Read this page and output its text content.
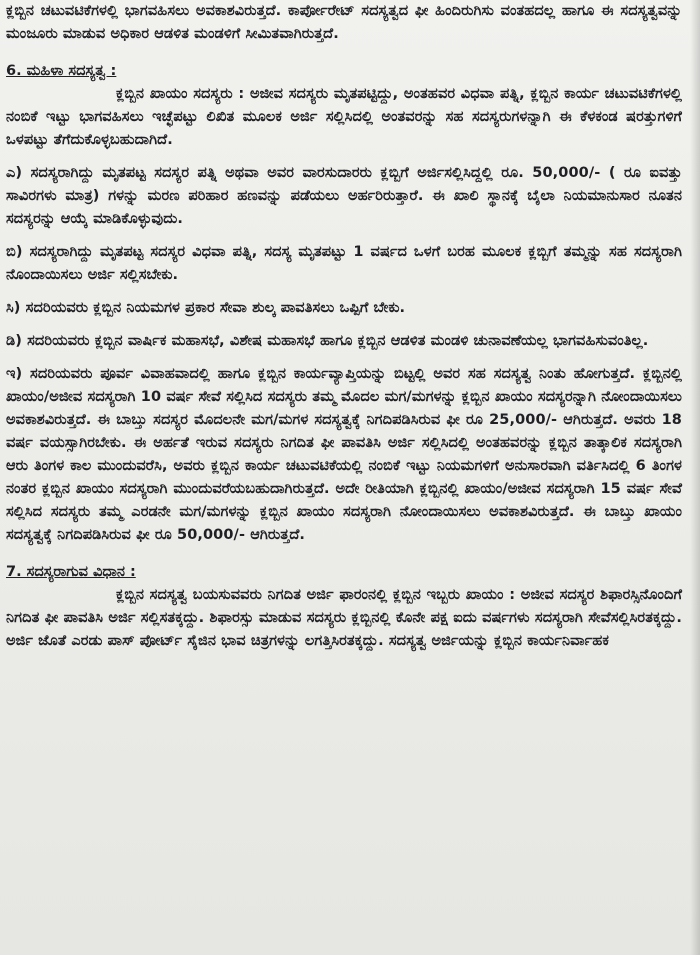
ಕ್ಲಬ್ಬಿನ ಚಟುವಟಿಕೆಗಳಲ್ಲಿ ಭಾಗವಹಿಸಲು ಅವಕಾಶವಿರುತ್ತದೆ. ಕಾರ್ಪೋರೇಟ್ ಸದಸ್ಯತ್ವದ ಫೀ ಹಿಂದಿರುಗಿಸು ವಂತಹದಲ್ಲ ಹಾಗೂ ಈ ಸದಸ್ಯತ್ವವನ್ನು ಮಂಜೂರು ಮಾಡುವ ಅಧಿಕಾರ ಆಡಳಿತ ಮಂಡಳಿಗೆ ಸೀಮಿತವಾಗಿರುತ್ತದೆ.

6. ಮಹಿಳಾ ಸದಸ್ಯತ್ವ :

ಕ್ಲಬ್ಬಿನ ಖಾಯಂ ಸದಸ್ಯರು : ಅಜೀವ ಸದಸ್ಯರು ಮೃತಪಟ್ಟಿದ್ದು, ಅಂತಹವರ ವಿಧವಾ ಪತ್ನಿ, ಕ್ಲಬ್ಬಿನ ಕಾರ್ಯ ಚಟುವಟಿಕೆಗಳಲ್ಲಿ ನಂಬಿಕೆ ಇಟ್ಟು ಭಾಗವಹಿಸಲು ಇಚ್ಛೆಪಟ್ಟು ಲಿಖಿತ ಮೂಲಕ ಅರ್ಜಿ ಸಲ್ಲಿಸಿದಲ್ಲಿ ಅಂತವರನ್ನು ಸಹ ಸದಸ್ಯರುಗಳನ್ನಾಗಿ ಈ ಕೆಳಕಂಡ ಷರತ್ತುಗಳಿಗೆ ಒಳಪಟ್ಟು ತೆಗೆದುಕೊಳ್ಳಬಹುದಾಗಿದೆ.

ಎ) ಸದಸ್ಯರಾಗಿದ್ದು ಮೃತಪಟ್ಟ ಸದಸ್ಯರ ಪತ್ನಿ ಅಥವಾ ಅವರ ವಾರಸುದಾರರು ಕ್ಲಬ್ಬಿಗೆ ಅರ್ಜಿಸಲ್ಲಿಸಿದ್ದಲ್ಲಿ ರೂ. 50,000/- ( ರೂ ಐವತ್ತು ಸಾವಿರಗಳು ಮಾತ್ರ) ಗಳನ್ನು ಮರಣ ಪರಿಹಾರ ಹಣವನ್ನು ಪಡೆಯಲು ಅರ್ಹರಿರುತ್ತಾರೆ. ಈ ಖಾಲಿ ಸ್ಥಾನಕ್ಕೆ ಬೈಲಾ ನಿಯಮಾನುಸಾರ ನೂತನ ಸದಸ್ಯರನ್ನು ಆಯ್ಕೆ ಮಾಡಿಕೊಳ್ಳುವುದು.

ಬಿ) ಸದಸ್ಯರಾಗಿದ್ದು ಮೃತಪಟ್ಟ ಸದಸ್ಯರ ವಿಧವಾ ಪತ್ನಿ, ಸದಸ್ಯ ಮೃತಪಟ್ಟು 1 ವರ್ಷದ ಒಳಗೆ ಬರಹ ಮೂಲಕ ಕ್ಲಬ್ಬಿಗೆ ತಮ್ಮನ್ನು ಸಹ ಸದಸ್ಯರಾಗಿ ನೊಂದಾಯಿಸಲು ಅರ್ಜಿ ಸಲ್ಲಿಸಬೇಕು.

ಸಿ) ಸದರಿಯವರು ಕ್ಲಬ್ಬಿನ ನಿಯಮಗಳ ಪ್ರಕಾರ ಸೇವಾ ಶುಲ್ಕ ಪಾವತಿಸಲು ಒಪ್ಪಿಗೆ ಬೇಕು.

ಡಿ) ಸದರಿಯವರು ಕ್ಲಬ್ಬಿನ ವಾರ್ಷಿಕ ಮಹಾಸಭೆ, ವಿಶೇಷ ಮಹಾಸಭೆ ಹಾಗೂ ಕ್ಲಬ್ಬಿನ ಆಡಳಿತ ಮಂಡಳಿ ಚುನಾವಣೆಯಲ್ಲ ಭಾಗವಹಿಸುವಂತಿಲ್ಲ.

ಇ) ಸದರಿಯವರು ಪೂರ್ವ ವಿವಾಹವಾದಲ್ಲಿ ಹಾಗೂ ಕ್ಲಬ್ಬಿನ ಕಾರ್ಯವ್ಯಾಪ್ತಿಯನ್ನು ಬಿಟ್ಟಲ್ಲಿ ಅವರ ಸಹ ಸದಸ್ಯತ್ವ ನಿಂತು ಹೋಗುತ್ತದೆ. ಕ್ಲಬ್ಬಿನಲ್ಲಿ ಖಾಯಂ/ಅಜೀವ ಸದಸ್ಯರಾಗಿ 10 ವರ್ಷ ಸೇವೆ ಸಲ್ಲಿಸಿದ ಸದಸ್ಯರು ತಮ್ಮ ಮೊದಲ ಮಗ/ಮಗಳನ್ನು ಕ್ಲಬ್ಬಿನ ಖಾಯಂ ಸದಸ್ಯರನ್ನಾಗಿ ನೋಂದಾಯಿಸಲು ಅವಕಾಶವಿರುತ್ತದೆ. ಈ ಬಾಬ್ತು ಸದಸ್ಯರ ಮೊದಲನೇ ಮಗ/ಮಗಳ ಸದಸ್ಯತ್ವಕ್ಕೆ ನಿಗದಿಪಡಿಸಿರುವ ಫೀ ರೂ 25,000/- ಆಗಿರುತ್ತದೆ. ಅವರು 18 ವರ್ಷ ವಯಸ್ಸಾಗಿರಬೇಕು. ಈ ಅರ್ಹತೆ ಇರುವ ಸದಸ್ಯರು ನಿಗದಿತ ಫೀ ಪಾವತಿಸಿ ಅರ್ಜಿ ಸಲ್ಲಿಸಿದಲ್ಲಿ ಅಂತಹವರನ್ನು ಕ್ಲಬ್ಬಿನ ತಾತ್ಕಾಲಿಕ ಸದಸ್ಯರಾಗಿ ಆರು ತಿಂಗಳ ಕಾಲ ಮುಂದುವರೆಸಿ, ಅವರು ಕ್ಲಬ್ಬಿನ ಕಾರ್ಯ ಚಟುವಟಿಕೆಯಲ್ಲಿ ನಂಬಿಕೆ ಇಟ್ಟು ನಿಯಮಗಳಿಗೆ ಅನುಸಾರವಾಗಿ ವರ್ತಿಸಿದಲ್ಲಿ 6 ತಿಂಗಳ ನಂತರ ಕ್ಲಬ್ಬಿನ ಖಾಯಂ ಸದಸ್ಯರಾಗಿ ಮುಂದುವರೆಯಬಹುದಾಗಿರುತ್ತದೆ. ಅದೇ ರೀತಿಯಾಗಿ ಕ್ಲಬ್ಬಿನಲ್ಲಿ ಖಾಯಂ/ಅಜೀವ ಸದಸ್ಯರಾಗಿ 15 ವರ್ಷ ಸೇವೆ ಸಲ್ಲಿಸಿದ ಸದಸ್ಯರು ತಮ್ಮ ಎರಡನೇ ಮಗ/ಮಗಳನ್ನು ಕ್ಲಬ್ಬಿನ ಖಾಯಂ ಸದಸ್ಯರಾಗಿ ನೋಂದಾಯಿಸಲು ಅವಕಾಶವಿರುತ್ತದೆ. ಈ ಬಾಬ್ತು ಖಾಯಂ ಸದಸ್ಯತ್ವಕ್ಕೆ ನಿಗದಿಪಡಿಸಿರುವ ಫೀ ರೂ 50,000/- ಆಗಿರುತ್ತದೆ.

7. ಸದಸ್ಯರಾಗುವ ವಿಧಾನ :

ಕ್ಲಬ್ಬಿನ ಸದಸ್ಯತ್ವ ಬಯಸುವವರು ನಿಗದಿತ ಅರ್ಜಿ ಫಾರಂನಲ್ಲಿ ಕ್ಲಬ್ಬಿನ ಇಬ್ಬರು ಖಾಯಂ : ಅಜೀವ ಸದಸ್ಯರ ಶಿಫಾರಸ್ಸಿನೊಂದಿಗೆ ನಿಗದಿತ ಫೀ ಪಾವತಿಸಿ ಅರ್ಜಿ ಸಲ್ಲಿಸತಕ್ಕದ್ದು. ಶಿಫಾರಸ್ಸು ಮಾಡುವ ಸದಸ್ಯರು ಕ್ಲಬ್ಬಿನಲ್ಲಿ ಕೊನೇ ಪಕ್ಷ ಐದು ವರ್ಷಗಳು ಸದಸ್ಯರಾಗಿ ಸೇವೆಸಲ್ಲಿಸಿರತಕ್ಕದ್ದು. ಅರ್ಜಿ ಜೊತೆ ಎರಡು ಪಾಸ್ ಪೋರ್ಟ್ ಸೈಜಿನ ಭಾವ ಚಿತ್ರಗಳನ್ನು ಲಗತ್ತಿಸಿರತಕ್ಕದ್ದು. ಸದಸ್ಯತ್ವ ಅರ್ಜಿಯನ್ನು ಕ್ಲಬ್ಬಿನ ಕಾರ್ಯನಿರ್ವಾಹಕ
